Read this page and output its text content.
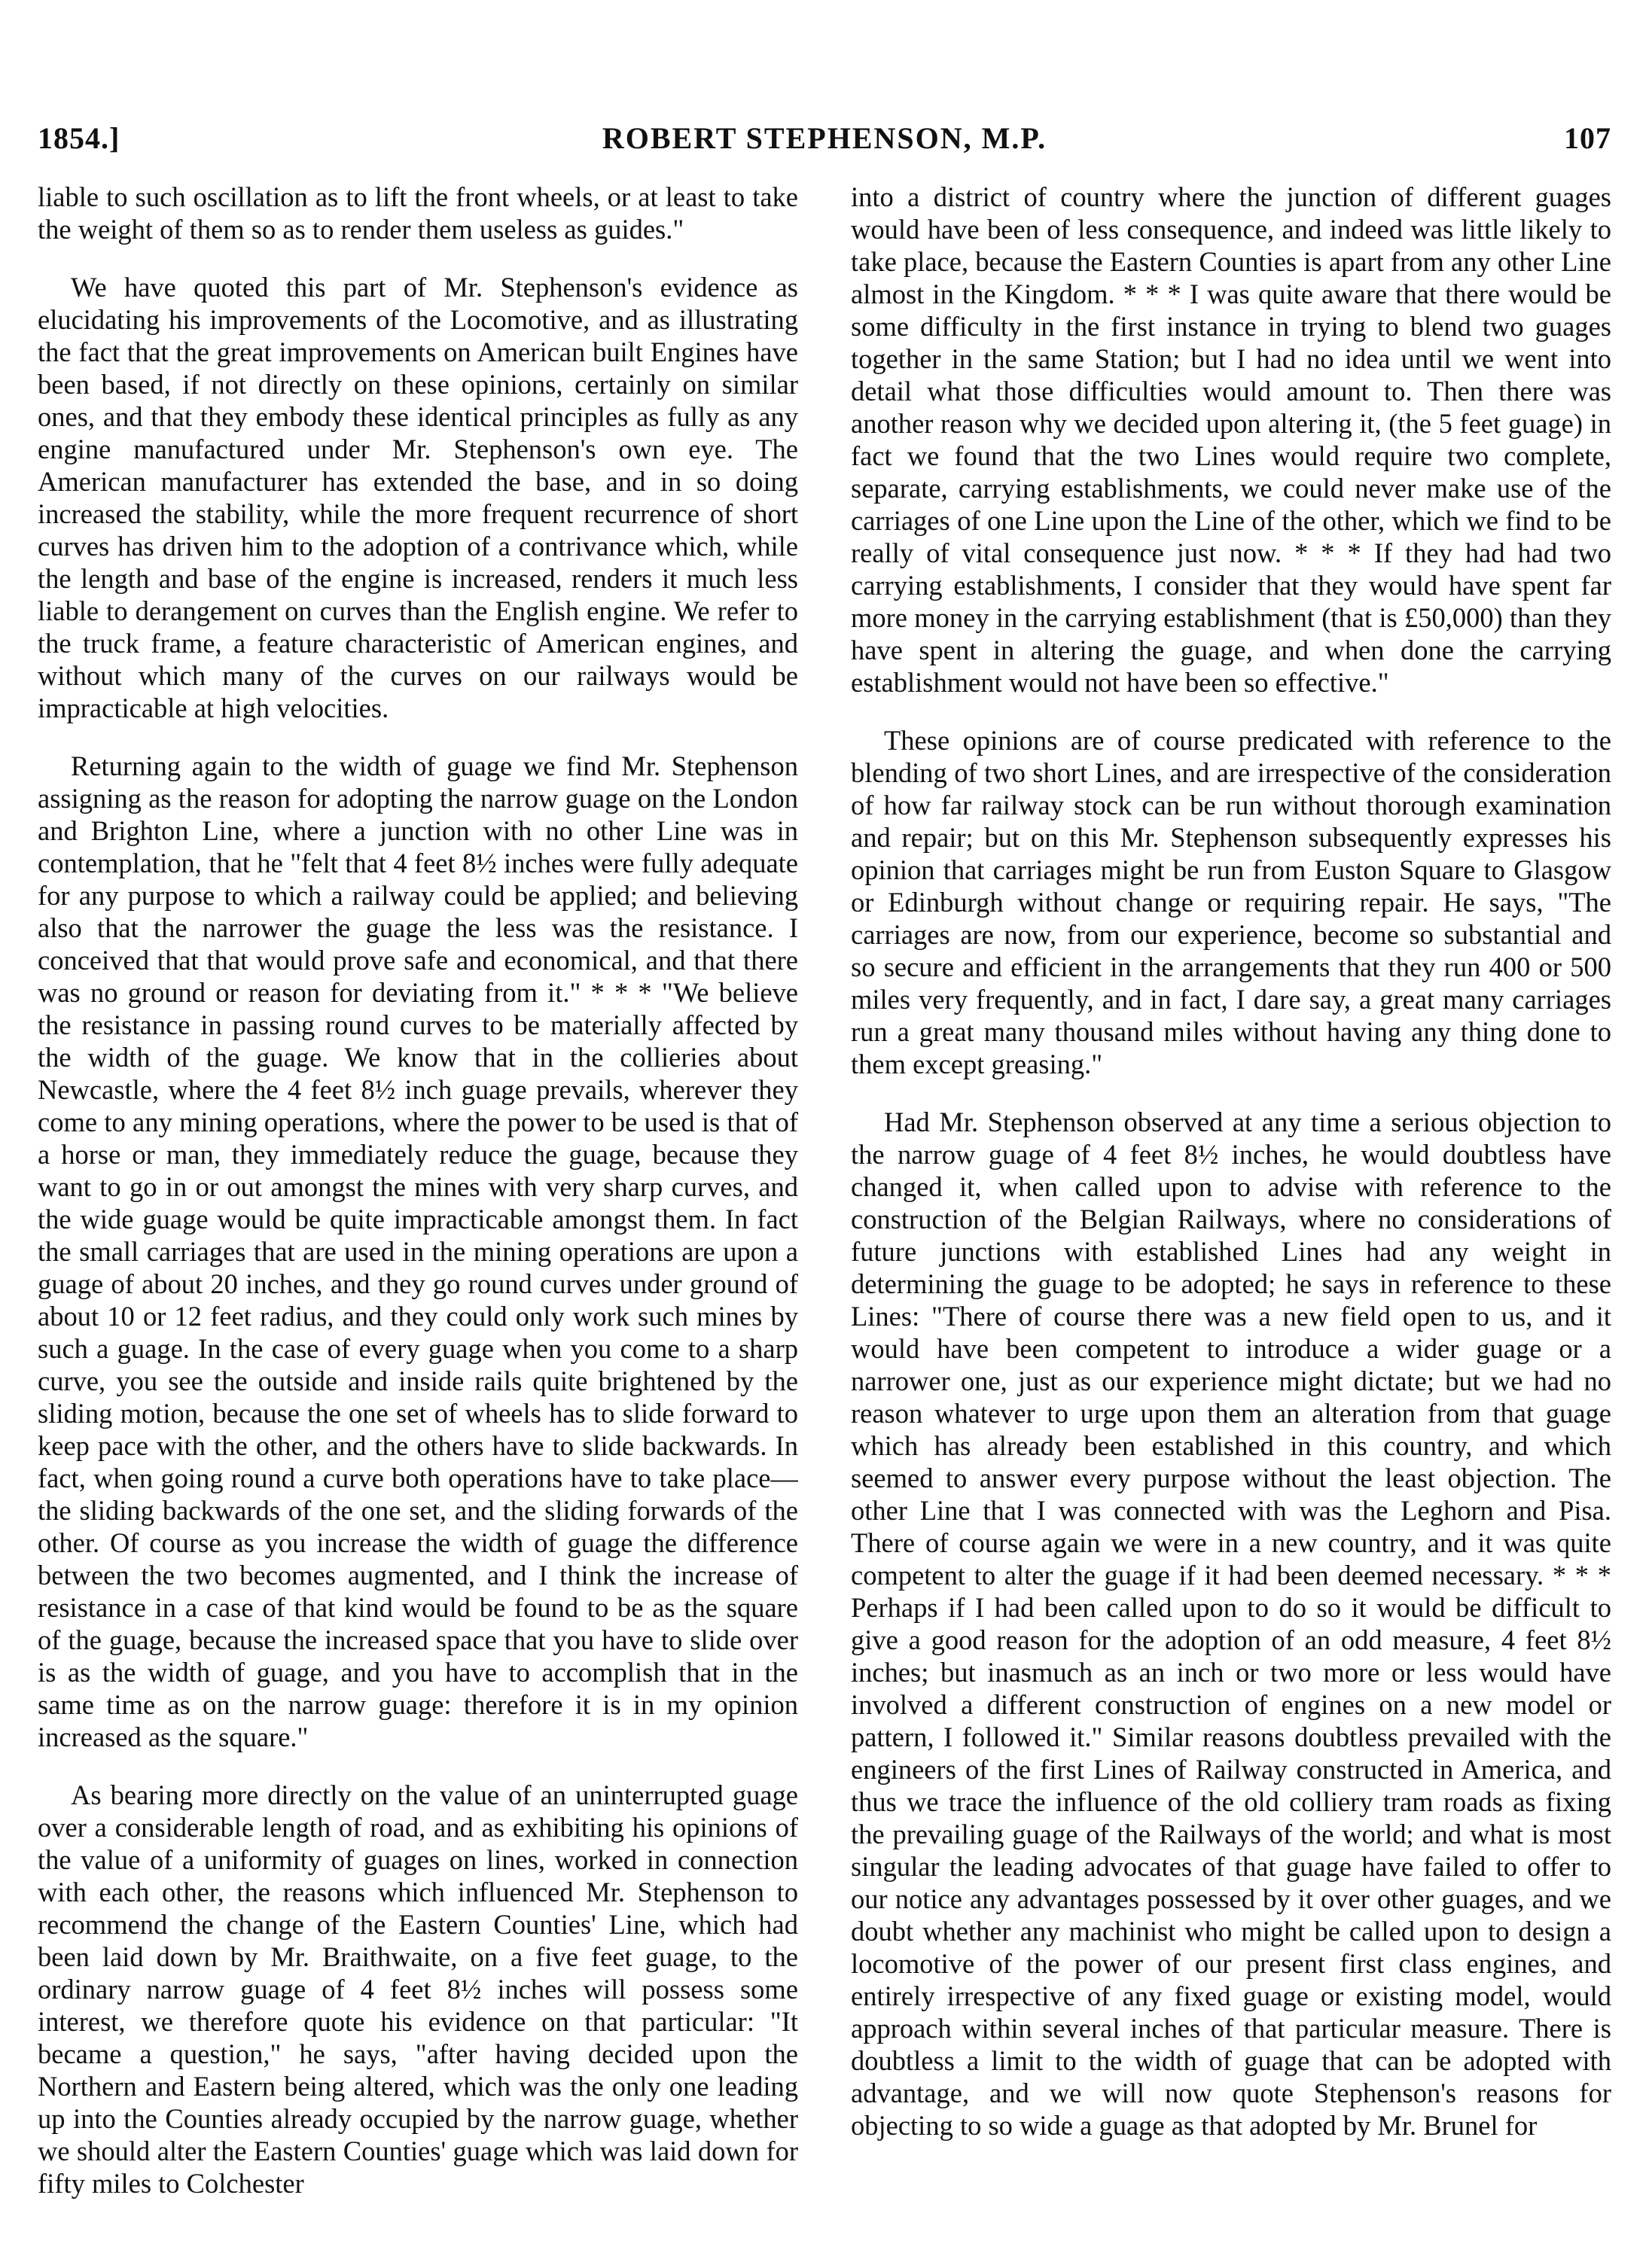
1854.]	ROBERT STEPHENSON, M.P.	107

liable to such oscillation as to lift the front wheels, or at least to take the weight of them so as to render them useless as guides."

We have quoted this part of Mr. Stephenson's evidence as elucidating his improvements of the Locomotive, and as illustrating the fact that the great improvements on American built Engines have been based, if not directly on these opinions, certainly on similar ones, and that they embody these identical principles as fully as any engine manufactured under Mr. Stephenson's own eye. The American manufacturer has extended the base, and in so doing increased the stability, while the more frequent recurrence of short curves has driven him to the adoption of a contrivance which, while the length and base of the engine is increased, renders it much less liable to derangement on curves than the English engine. We refer to the truck frame, a feature characteristic of American engines, and without which many of the curves on our railways would be impracticable at high velocities.

Returning again to the width of guage we find Mr. Stephenson assigning as the reason for adopting the narrow guage on the London and Brighton Line, where a junction with no other Line was in contemplation, that he "felt that 4 feet 8½ inches were fully adequate for any purpose to which a railway could be applied; and believing also that the narrower the guage the less was the resistance. I conceived that that would prove safe and economical, and that there was no ground or reason for deviating from it." * * * "We believe the resistance in passing round curves to be materially affected by the width of the guage. We know that in the collieries about Newcastle, where the 4 feet 8½ inch guage prevails, wherever they come to any mining operations, where the power to be used is that of a horse or man, they immediately reduce the guage, because they want to go in or out amongst the mines with very sharp curves, and the wide guage would be quite impracticable amongst them. In fact the small carriages that are used in the mining operations are upon a guage of about 20 inches, and they go round curves under ground of about 10 or 12 feet radius, and they could only work such mines by such a guage. In the case of every guage when you come to a sharp curve, you see the outside and inside rails quite brightened by the sliding motion, because the one set of wheels has to slide forward to keep pace with the other, and the others have to slide backwards. In fact, when going round a curve both operations have to take place—the sliding backwards of the one set, and the sliding forwards of the other. Of course as you increase the width of guage the difference between the two becomes augmented, and I think the increase of resistance in a case of that kind would be found to be as the square of the guage, because the increased space that you have to slide over is as the width of guage, and you have to accomplish that in the same time as on the narrow guage: therefore it is in my opinion increased as the square."

As bearing more directly on the value of an uninterrupted guage over a considerable length of road, and as exhibiting his opinions of the value of a uniformity of guages on lines, worked in connection with each other, the reasons which influenced Mr. Stephenson to recommend the change of the Eastern Counties' Line, which had been laid down by Mr. Braithwaite, on a five feet guage, to the ordinary narrow guage of 4 feet 8½ inches will possess some interest, we therefore quote his evidence on that particular: "It became a question," he says, "after having decided upon the Northern and Eastern being altered, which was the only one leading up into the Counties already occupied by the narrow guage, whether we should alter the Eastern Counties' guage which was laid down for fifty miles to Colchester

into a district of country where the junction of different guages would have been of less consequence, and indeed was little likely to take place, because the Eastern Counties is apart from any other Line almost in the Kingdom. * * * I was quite aware that there would be some difficulty in the first instance in trying to blend two guages together in the same Station; but I had no idea until we went into detail what those difficulties would amount to. Then there was another reason why we decided upon altering it, (the 5 feet guage) in fact we found that the two Lines would require two complete, separate, carrying establishments, we could never make use of the carriages of one Line upon the Line of the other, which we find to be really of vital consequence just now. * * * If they had had two carrying establishments, I consider that they would have spent far more money in the carrying establishment (that is £50,000) than they have spent in altering the guage, and when done the carrying establishment would not have been so effective."

These opinions are of course predicated with reference to the blending of two short Lines, and are irrespective of the consideration of how far railway stock can be run without thorough examination and repair; but on this Mr. Stephenson subsequently expresses his opinion that carriages might be run from Euston Square to Glasgow or Edinburgh without change or requiring repair. He says, "The carriages are now, from our experience, become so substantial and so secure and efficient in the arrangements that they run 400 or 500 miles very frequently, and in fact, I dare say, a great many carriages run a great many thousand miles without having any thing done to them except greasing."

Had Mr. Stephenson observed at any time a serious objection to the narrow guage of 4 feet 8½ inches, he would doubtless have changed it, when called upon to advise with reference to the construction of the Belgian Railways, where no considerations of future junctions with established Lines had any weight in determining the guage to be adopted; he says in reference to these Lines: "There of course there was a new field open to us, and it would have been competent to introduce a wider guage or a narrower one, just as our experience might dictate; but we had no reason whatever to urge upon them an alteration from that guage which has already been established in this country, and which seemed to answer every purpose without the least objection. The other Line that I was connected with was the Leghorn and Pisa. There of course again we were in a new country, and it was quite competent to alter the guage if it had been deemed necessary. * * * Perhaps if I had been called upon to do so it would be difficult to give a good reason for the adoption of an odd measure, 4 feet 8½ inches; but inasmuch as an inch or two more or less would have involved a different construction of engines on a new model or pattern, I followed it." Similar reasons doubtless prevailed with the engineers of the first Lines of Railway constructed in America, and thus we trace the influence of the old colliery tram roads as fixing the prevailing guage of the Railways of the world; and what is most singular the leading advocates of that guage have failed to offer to our notice any advantages possessed by it over other guages, and we doubt whether any machinist who might be called upon to design a locomotive of the power of our present first class engines, and entirely irrespective of any fixed guage or existing model, would approach within several inches of that particular measure. There is doubtless a limit to the width of guage that can be adopted with advantage, and we will now quote Stephenson's reasons for objecting to so wide a guage as that adopted by Mr. Brunel for
